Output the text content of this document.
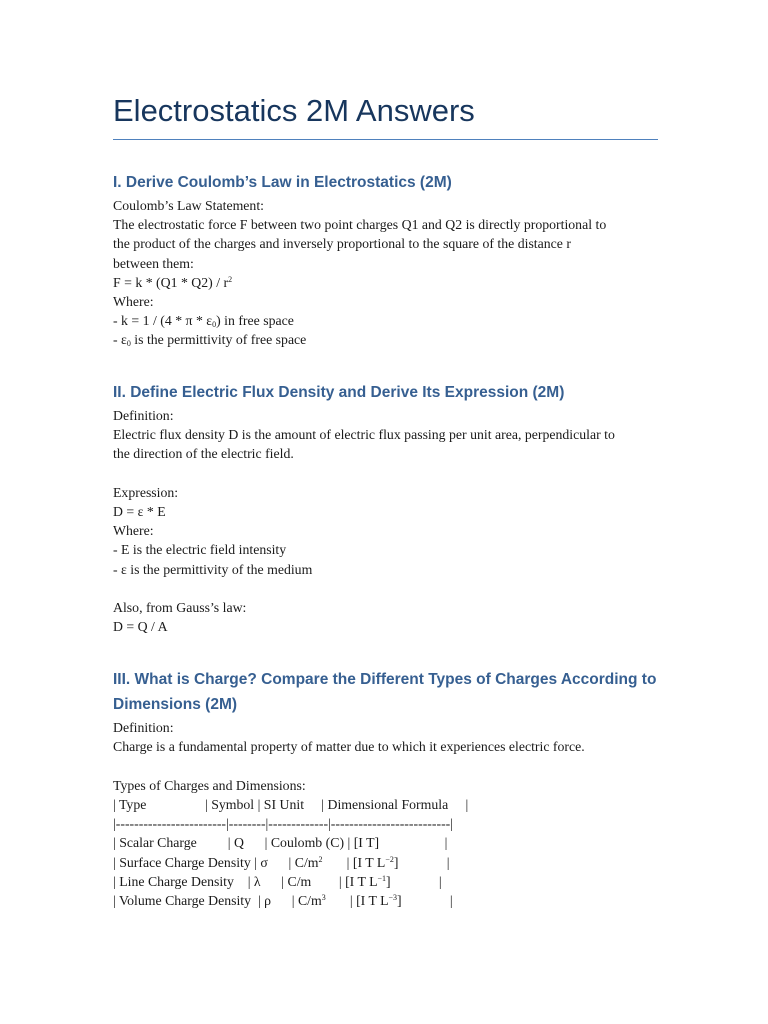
Electrostatics 2M Answers
I. Derive Coulomb’s Law in Electrostatics (2M)
Coulomb’s Law Statement:
The electrostatic force F between two point charges Q1 and Q2 is directly proportional to
the product of the charges and inversely proportional to the square of the distance r
between them:
$F = k * (Q1 * Q2) / r^2$
Where:
- $k = 1 / (4 * \pi * \varepsilon_0)$ in free space
- $\varepsilon_0$ is the permittivity of free space
II. Define Electric Flux Density and Derive Its Expression (2M)
Definition:
Electric flux density D is the amount of electric flux passing per unit area, perpendicular to
the direction of the electric field.
Expression:
D = ε * E
Where:
- E is the electric field intensity
- ε is the permittivity of the medium
Also, from Gauss’s law:
D = Q / A
III. What is Charge? Compare the Different Types of Charges According to
Dimensions (2M)
Definition:
Charge is a fundamental property of matter due to which it experiences electric force.
Types of Charges and Dimensions:
| Type                 | Symbol | SI Unit     | Dimensional Formula     |
|------------------------|--------|-------------|--------------------------|
| Scalar Charge         | Q      | Coulomb (C) | [I T]                   |
| Surface Charge Density | σ      | $C/m^2$       | [I T $L^{-2}$]              |
| Line Charge Density    | λ      | C/m        | [I T $L^{-1}$]              |
| Volume Charge Density  | ρ      | $C/m^3$       | [I T $L^{-3}$]              |
